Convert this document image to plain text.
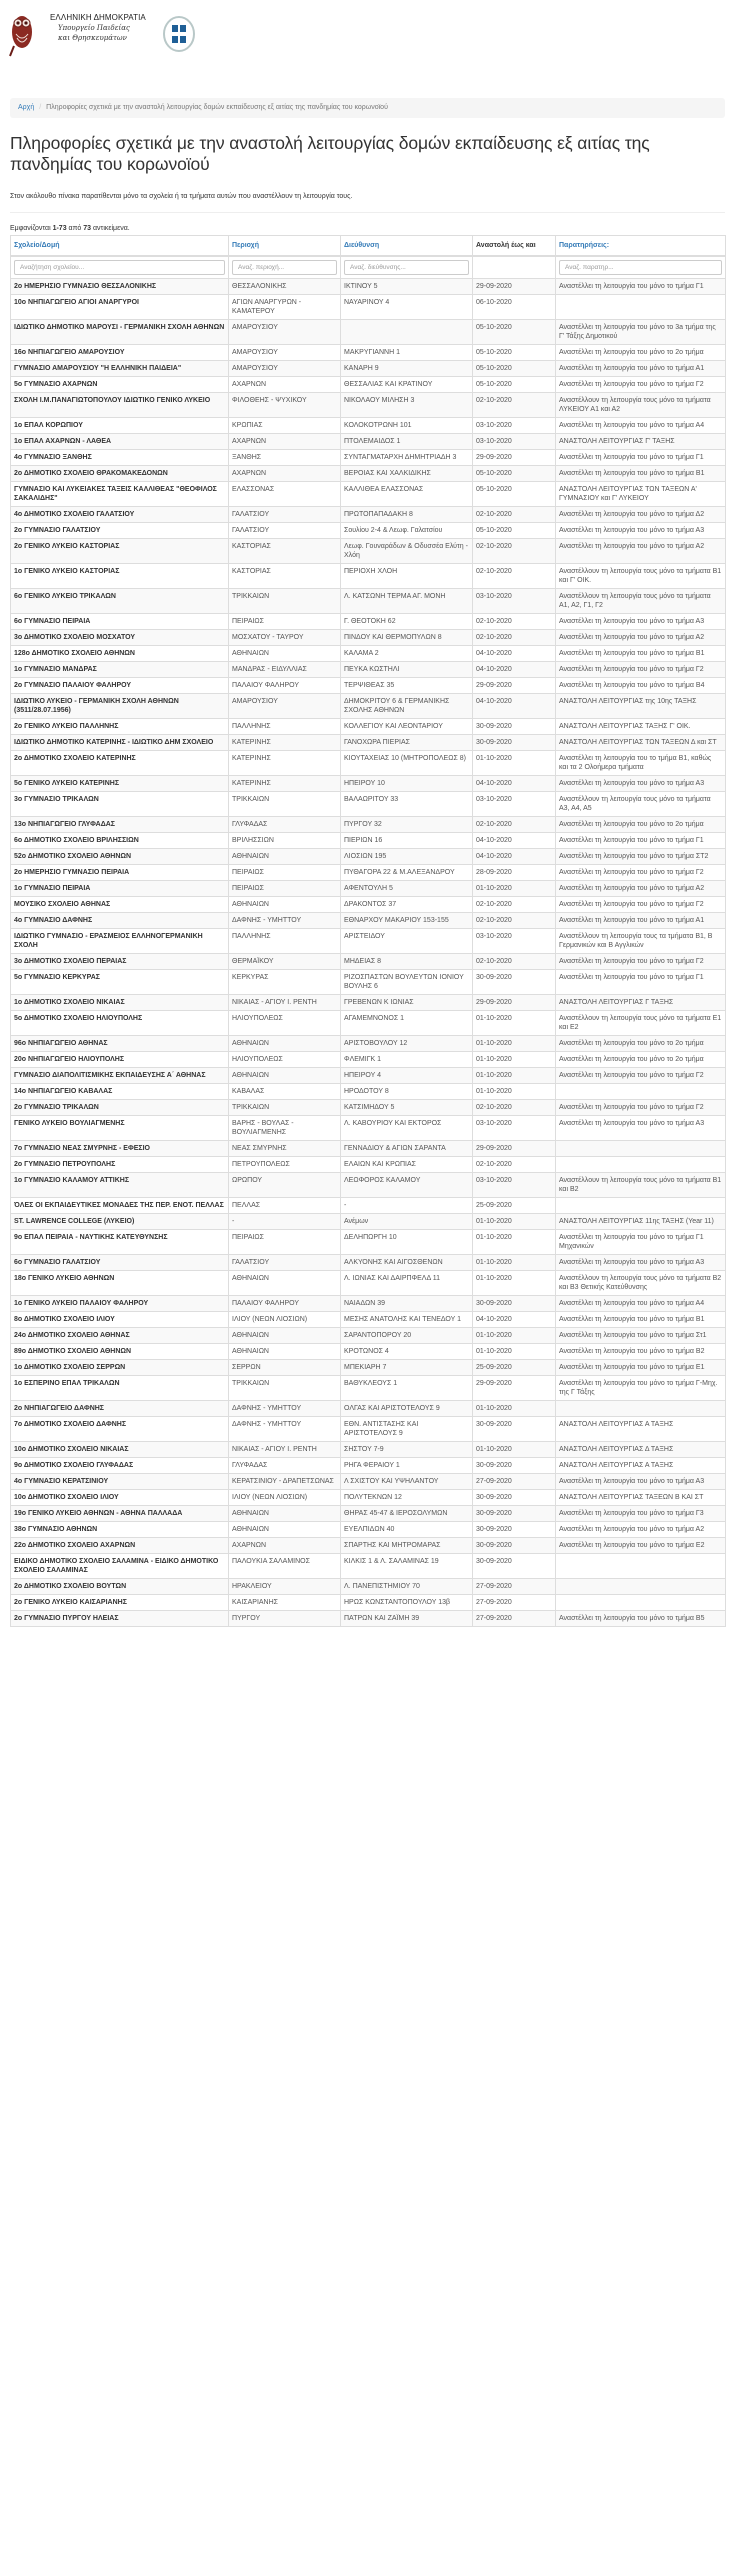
ΕΛΛΗΝΙΚΗ ΔΗΜΟΚΡΑΤΙΑ
Υπουργείο Παιδείας
και Θρησκευμάτων
Αρχή / Πληροφορίες σχετικά με την αναστολή λειτουργίας δομών εκπαίδευσης εξ αιτίας της πανδημίας του κορωνοϊού
Πληροφορίες σχετικά με την αναστολή λειτουργίας δομών εκπαίδευσης εξ αιτίας της πανδημίας του κορωνοϊού

Στον ακόλουθο πίνακα παρατίθενται μόνο τα σχολεία ή τα τμήματα αυτών που αναστέλλουν τη λειτουργία τους.

Εμφανίζονται 1-73 από 73 αντικείμενα.
Σχολείο/Δομή	Περιοχή	Διεύθυνση	Αναστολή έως και	Παρατηρήσεις:
Αναζήτηση σχολείου...	Αναζ. περιοχή...	Αναζ. διεύθυνσης...		Αναζ. παρατηρ...
2ο ΗΜΕΡΗΣΙΟ ΓΥΜΝΑΣΙΟ ΘΕΣΣΑΛΟΝΙΚΗΣ	ΘΕΣΣΑΛΟΝΙΚΗΣ	ΙΚΤΙΝΟΥ 5	29-09-2020	Αναστέλλει τη λειτουργία του μόνο το τμήμα Γ1
10ο ΝΗΠΙΑΓΩΓΕΙΟ ΑΓΙΟΙ ΑΝΑΡΓΥΡΟΙ	ΑΓΙΩΝ ΑΝΑΡΓΥΡΩΝ - ΚΑΜΑΤΕΡΟΥ	ΝΑΥΑΡΙΝΟΥ 4	06-10-2020	
ΙΔΙΩΤΙΚΟ ΔΗΜΟΤΙΚΟ ΜΑΡΟΥΣΙ - ΓΕΡΜΑΝΙΚΗ ΣΧΟΛΗ ΑΘΗΝΩΝ	ΑΜΑΡΟΥΣΙΟΥ		05-10-2020	Αναστέλλει τη λειτουργία του μόνο το 3a τμήμα της Γ' Τάξης Δημοτικού
16ο ΝΗΠΙΑΓΩΓΕΙΟ ΑΜΑΡΟΥΣΙΟΥ	ΑΜΑΡΟΥΣΙΟΥ	ΜΑΚΡΥΓΙΑΝΝΗ 1	05-10-2020	Αναστέλλει τη λειτουργία του μόνο το 2ο τμήμα
ΓΥΜΝΑΣΙΟ ΑΜΑΡΟΥΣΙΟΥ "Η ΕΛΛΗΝΙΚΗ ΠΑΙΔΕΙΑ"	ΑΜΑΡΟΥΣΙΟΥ	ΚΑΝΑΡΗ 9	05-10-2020	Αναστέλλει τη λειτουργία του μόνο το τμήμα Α1
5ο ΓΥΜΝΑΣΙΟ ΑΧΑΡΝΩΝ	ΑΧΑΡΝΩΝ	ΘΕΣΣΑΛΙΑΣ ΚΑΙ ΚΡΑΤΙΝΟΥ	05-10-2020	Αναστέλλει τη λειτουργία του μόνο το τμήμα Γ2
ΣΧΟΛΗ Ι.Μ.ΠΑΝΑΓΙΩΤΟΠΟΥΛΟΥ ΙΔΙΩΤΙΚΟ ΓΕΝΙΚΟ ΛΥΚΕΙΟ	ΦΙΛΟΘΕΗΣ - ΨΥΧΙΚΟΥ	ΝΙΚΟΛΑΟΥ ΜΙΛΗΣΗ 3	02-10-2020	Αναστέλλουν τη λειτουργία τους μόνο τα τμήματα ΛΥΚΕΙΟΥ Α1 και Α2
1ο ΕΠΑΛ ΚΟΡΩΠΙΟΥ	ΚΡΩΠΙΑΣ	ΚΟΛΟΚΟΤΡΩΝΗ 101	03-10-2020	Αναστέλλει τη λειτουργία του μόνο το τμήμα Α4
1ο ΕΠΑΛ ΑΧΑΡΝΩΝ - ΛΑΘΕΑ	ΑΧΑΡΝΩΝ	ΠΤΟΛΕΜΑΙΔΟΣ 1	03-10-2020	ΑΝΑΣΤΟΛΗ ΛΕΙΤΟΥΡΓΙΑΣ Γ' ΤΑΞΗΣ
4ο ΓΥΜΝΑΣΙΟ ΞΑΝΘΗΣ	ΞΑΝΘΗΣ	ΣΥΝΤΑΓΜΑΤΑΡΧΗ ΔΗΜΗΤΡΙΑΔΗ 3	29-09-2020	Αναστέλλει τη λειτουργία του μόνο το τμήμα Γ1
2ο ΔΗΜΟΤΙΚΟ ΣΧΟΛΕΙΟ ΘΡΑΚΟΜΑΚΕΔΟΝΩΝ	ΑΧΑΡΝΩΝ	ΒΕΡΟΙΑΣ ΚΑΙ ΧΑΛΚΙΔΙΚΗΣ	05-10-2020	Αναστέλλει τη λειτουργία του μόνο το τμήμα Β1
ΓΥΜΝΑΣΙΟ ΚΑΙ ΛΥΚΕΙΑΚΕΣ ΤΑΞΕΙΣ ΚΑΛΛΙΘΕΑΣ "ΘΕΟΦΙΛΟΣ ΣΑΚΑΛΙΔΗΣ"	ΕΛΑΣΣΟΝΑΣ	ΚΑΛΛΙΘΕΑ ΕΛΑΣΣΟΝΑΣ	05-10-2020	ΑΝΑΣΤΟΛΗ ΛΕΙΤΟΥΡΓΙΑΣ ΤΩΝ ΤΑΞΕΩΝ Α' ΓΥΜΝΑΣΙΟΥ και Γ' ΛΥΚΕΙΟΥ
4ο ΔΗΜΟΤΙΚΟ ΣΧΟΛΕΙΟ ΓΑΛΑΤΣΙΟΥ	ΓΑΛΑΤΣΙΟΥ	ΠΡΩΤΟΠΑΠΑΔΑΚΗ 8	02-10-2020	Αναστέλλει τη λειτουργία του μόνο το τμήμα Δ2
2ο ΓΥΜΝΑΣΙΟ ΓΑΛΑΤΣΙΟΥ	ΓΑΛΑΤΣΙΟΥ	Σουλίου 2-4 & Λεωφ. Γαλατσίου	05-10-2020	Αναστέλλει τη λειτουργία του μόνο το τμήμα Α3
2ο ΓΕΝΙΚΟ ΛΥΚΕΙΟ ΚΑΣΤΟΡΙΑΣ	ΚΑΣΤΟΡΙΑΣ	Λεωφ. Γουναράδων & Οδυσσέα Ελύτη - Χλόη	02-10-2020	Αναστέλλει τη λειτουργία του μόνο το τμήμα Α2
1ο ΓΕΝΙΚΟ ΛΥΚΕΙΟ ΚΑΣΤΟΡΙΑΣ	ΚΑΣΤΟΡΙΑΣ	ΠΕΡΙΟΧΗ ΧΛΟΗ	02-10-2020	Αναστέλλουν τη λειτουργία τους μόνο τα τμήματα Β1 και Γ' ΟΙΚ.
6ο ΓΕΝΙΚΟ ΛΥΚΕΙΟ ΤΡΙΚΑΛΩΝ	ΤΡΙΚΚΑΙΩΝ	Λ. ΚΑΤΣΩΝΗ ΤΕΡΜΑ ΑΓ. ΜΟΝΗ	03-10-2020	Αναστέλλουν τη λειτουργία τους μόνο τα τμήματα Α1, Α2, Γ1, Γ2
6ο ΓΥΜΝΑΣΙΟ ΠΕΙΡΑΙΑ	ΠΕΙΡΑΙΩΣ	Γ. ΘΕΟΤΟΚΗ 62	02-10-2020	Αναστέλλει τη λειτουργία του μόνο το τμήμα Α3
3ο ΔΗΜΟΤΙΚΟ ΣΧΟΛΕΙΟ ΜΟΣΧΑΤΟΥ	ΜΟΣΧΑΤΟΥ - ΤΑΥΡΟΥ	ΠΙΝΔΟΥ ΚΑΙ ΘΕΡΜΟΠΥΛΩΝ 8	02-10-2020	Αναστέλλει τη λειτουργία του μόνο το τμήμα Α2
128ο ΔΗΜΟΤΙΚΟ ΣΧΟΛΕΙΟ ΑΘΗΝΩΝ	ΑΘΗΝΑΙΩΝ	ΚΑΛΑΜΑ 2	04-10-2020	Αναστέλλει τη λειτουργία του μόνο το τμήμα Β1
1ο ΓΥΜΝΑΣΙΟ ΜΑΝΔΡΑΣ	ΜΑΝΔΡΑΣ - ΕΙΔΥΛΛΙΑΣ	ΠΕΥΚΑ ΚΩΣΤΗΛΙ	04-10-2020	Αναστέλλει τη λειτουργία του μόνο το τμήμα Γ2
2ο ΓΥΜΝΑΣΙΟ ΠΑΛΑΙΟΥ ΦΑΛΗΡΟΥ	ΠΑΛΑΙΟΥ ΦΑΛΗΡΟΥ	ΤΕΡΨΙΘΕΑΣ 35	29-09-2020	Αναστέλλει τη λειτουργία του μόνο το τμήμα Β4
ΙΔΙΩΤΙΚΟ ΛΥΚΕΙΟ - ΓΕΡΜΑΝΙΚΗ ΣΧΟΛΗ ΑΘΗΝΩΝ (3511/28.07.1956)	ΑΜΑΡΟΥΣΙΟΥ	ΔΗΜΟΚΡΙΤΟΥ 6 & ΓΕΡΜΑΝΙΚΗΣ ΣΧΟΛΗΣ ΑΘΗΝΩΝ	04-10-2020	ΑΝΑΣΤΟΛΗ ΛΕΙΤΟΥΡΓΙΑΣ της 10ης ΤΑΞΗΣ
2ο ΓΕΝΙΚΟ ΛΥΚΕΙΟ ΠΑΛΛΗΝΗΣ	ΠΑΛΛΗΝΗΣ	ΚΟΛΛΕΓΙΟΥ ΚΑΙ ΛΕΟΝΤΑΡΙΟΥ	30-09-2020	ΑΝΑΣΤΟΛΗ ΛΕΙΤΟΥΡΓΙΑΣ ΤΑΞΗΣ Γ' ΟΙΚ.
ΙΔΙΩΤΙΚΟ ΔΗΜΟΤΙΚΟ ΚΑΤΕΡΙΝΗΣ - ΙΔΙΩΤΙΚΟ ΔΗΜ ΣΧΟΛΕΙΟ	ΚΑΤΕΡΙΝΗΣ	ΓΑΝΟΧΩΡΑ ΠΙΕΡΙΑΣ	30-09-2020	ΑΝΑΣΤΟΛΗ ΛΕΙΤΟΥΡΓΙΑΣ ΤΩΝ ΤΑΞΕΩΝ Δ και ΣΤ
2ο ΔΗΜΟΤΙΚΟ ΣΧΟΛΕΙΟ ΚΑΤΕΡΙΝΗΣ	ΚΑΤΕΡΙΝΗΣ	ΚΙΟΥΤΑΧΕΙΑΣ 10 (ΜΗΤΡΟΠΟΛΕΩΣ 8)	01-10-2020	Αναστέλλει τη λειτουργία του το τμήμα Β1, καθώς και τα 2 Ολοήμερα τμήματα
5ο ΓΕΝΙΚΟ ΛΥΚΕΙΟ ΚΑΤΕΡΙΝΗΣ	ΚΑΤΕΡΙΝΗΣ	ΗΠΕΙΡΟΥ 10	04-10-2020	Αναστέλλει τη λειτουργία του μόνο το τμήμα Α3
3ο ΓΥΜΝΑΣΙΟ ΤΡΙΚΑΛΩΝ	ΤΡΙΚΚΑΙΩΝ	ΒΑΛΑΩΡΙΤΟΥ 33	03-10-2020	Αναστέλλουν τη λειτουργία τους μόνο τα τμήματα Α3, Α4, Α5
13ο ΝΗΠΙΑΓΩΓΕΙΟ ΓΛΥΦΑΔΑΣ	ΓΛΥΦΑΔΑΣ	ΠΥΡΓΟΥ 32	02-10-2020	Αναστέλλει τη λειτουργία του μόνο το 2ο τμήμα
6ο ΔΗΜΟΤΙΚΟ ΣΧΟΛΕΙΟ ΒΡΙΛΗΣΣΙΩΝ	ΒΡΙΛΗΣΣΙΩΝ	ΠΙΕΡΙΩΝ 16	04-10-2020	Αναστέλλει τη λειτουργία του μόνο το τμήμα Γ1
52ο ΔΗΜΟΤΙΚΟ ΣΧΟΛΕΙΟ ΑΘΗΝΩΝ	ΑΘΗΝΑΙΩΝ	ΛΙΟΣΙΩΝ 195	04-10-2020	Αναστέλλει τη λειτουργία του μόνο το τμήμα ΣΤ2
2ο ΗΜΕΡΗΣΙΟ ΓΥΜΝΑΣΙΟ ΠΕΙΡΑΙΑ	ΠΕΙΡΑΙΩΣ	ΠΥΘΑΓΟΡΑ 22 & Μ.ΑΛΕΞΑΝΔΡΟΥ	28-09-2020	Αναστέλλει τη λειτουργία του μόνο το τμήμα Γ2
1ο ΓΥΜΝΑΣΙΟ ΠΕΙΡΑΙΑ	ΠΕΙΡΑΙΩΣ	ΑΦΕΝΤΟΥΛΗ 5	01-10-2020	Αναστέλλει τη λειτουργία του μόνο το τμήμα Α2
ΜΟΥΣΙΚΟ ΣΧΟΛΕΙΟ ΑΘΗΝΑΣ	ΑΘΗΝΑΙΩΝ	ΔΡΑΚΟΝΤΟΣ 37	02-10-2020	Αναστέλλει τη λειτουργία του μόνο το τμήμα Γ2
4ο ΓΥΜΝΑΣΙΟ ΔΑΦΝΗΣ	ΔΑΦΝΗΣ - ΥΜΗΤΤΟΥ	ΕΘΝΑΡΧΟΥ ΜΑΚΑΡΙΟΥ 153-155	02-10-2020	Αναστέλλει τη λειτουργία του μόνο το τμήμα Α1
ΙΔΙΩΤΙΚΟ ΓΥΜΝΑΣΙΟ - ΕΡΑΣΜΕΙΟΣ ΕΛΛΗΝΟΓΕΡΜΑΝΙΚΗ ΣΧΟΛΗ	ΠΑΛΛΗΝΗΣ	ΑΡΙΣΤΕΙΔΟΥ	03-10-2020	Αναστέλλουν τη λειτουργία τους τα τμήματα Β1, Β Γερμανικών και Β Αγγλικών
3ο ΔΗΜΟΤΙΚΟ ΣΧΟΛΕΙΟ ΠΕΡΑΙΑΣ	ΘΕΡΜΑΪΚΟΥ	ΜΗΔΕΙΑΣ 8	02-10-2020	Αναστέλλει τη λειτουργία του μόνο το τμήμα Γ2
5ο ΓΥΜΝΑΣΙΟ ΚΕΡΚΥΡΑΣ	ΚΕΡΚΥΡΑΣ	ΡΙΖΟΣΠΑΣΤΩΝ ΒΟΥΛΕΥΤΩΝ ΙΟΝΙΟΥ ΒΟΥΛΗΣ 6	30-09-2020	Αναστέλλει τη λειτουργία του μόνο το τμήμα Γ1
1ο ΔΗΜΟΤΙΚΟ ΣΧΟΛΕΙΟ ΝΙΚΑΙΑΣ	ΝΙΚΑΙΑΣ - ΑΓΙΟΥ Ι. ΡΕΝΤΗ	ΓΡΕΒΕΝΩΝ Κ ΙΩΝΙΑΣ	29-09-2020	ΑΝΑΣΤΟΛΗ ΛΕΙΤΟΥΡΓΙΑΣ Γ ΤΑΞΗΣ
5ο ΔΗΜΟΤΙΚΟ ΣΧΟΛΕΙΟ ΗΛΙΟΥΠΟΛΗΣ	ΗΛΙΟΥΠΟΛΕΩΣ	ΑΓΑΜΕΜΝΟΝΟΣ 1	01-10-2020	Αναστέλλουν τη λειτουργία τους μόνο τα τμήματα Ε1 και Ε2
96ο ΝΗΠΙΑΓΩΓΕΙΟ ΑΘΗΝΑΣ	ΑΘΗΝΑΙΩΝ	ΑΡΙΣΤΟΒΟΥΛΟΥ 12	01-10-2020	Αναστέλλει τη λειτουργία του μόνο το 2ο τμήμα
20ο ΝΗΠΙΑΓΩΓΕΙΟ ΗΛΙΟΥΠΟΛΗΣ	ΗΛΙΟΥΠΟΛΕΩΣ	ΦΛΕΜΙΓΚ 1	01-10-2020	Αναστέλλει τη λειτουργία του μόνο το 2ο τμήμα
ΓΥΜΝΑΣΙΟ ΔΙΑΠΟΛΙΤΙΣΜΙΚΗΣ ΕΚΠΑΙΔΕΥΣΗΣ Α΄ ΑΘΗΝΑΣ	ΑΘΗΝΑΙΩΝ	ΗΠΕΙΡΟΥ 4	01-10-2020	Αναστέλλει τη λειτουργία του μόνο το τμήμα Γ2
14ο ΝΗΠΙΑΓΩΓΕΙΟ ΚΑΒΑΛΑΣ	ΚΑΒΑΛΑΣ	ΗΡΟΔΟΤΟΥ 8	01-10-2020	
2ο ΓΥΜΝΑΣΙΟ ΤΡΙΚΑΛΩΝ	ΤΡΙΚΚΑΙΩΝ	ΚΑΤΣΙΜΗΔΟΥ 5	02-10-2020	Αναστέλλει τη λειτουργία του μόνο το τμήμα Γ2
ΓΕΝΙΚΟ ΛΥΚΕΙΟ ΒΟΥΛΙΑΓΜΕΝΗΣ	ΒΑΡΗΣ - ΒΟΥΛΑΣ - ΒΟΥΛΙΑΓΜΕΝΗΣ	Λ. ΚΑΒΟΥΡΙΟΥ ΚΑΙ ΕΚΤΟΡΟΣ	03-10-2020	Αναστέλλει τη λειτουργία του μόνο το τμήμα Α3
7ο ΓΥΜΝΑΣΙΟ ΝΕΑΣ ΣΜΥΡΝΗΣ - ΕΦΕΣΙΟ	ΝΕΑΣ ΣΜΥΡΝΗΣ	ΓΕΝΝΑΔΙΟΥ & ΑΓΙΩΝ ΣΑΡΑΝΤΑ	29-09-2020	
2ο ΓΥΜΝΑΣΙΟ ΠΕΤΡΟΥΠΟΛΗΣ	ΠΕΤΡΟΥΠΟΛΕΩΣ	ΕΛΑΙΩΝ ΚΑΙ ΚΡΩΠΙΑΣ	02-10-2020	
1ο ΓΥΜΝΑΣΙΟ ΚΑΛΑΜΟΥ ΑΤΤΙΚΗΣ	ΩΡΩΠΟΥ	ΛΕΩΦΟΡΟΣ ΚΑΛΑΜΟΥ	03-10-2020	Αναστέλλουν τη λειτουργία τους μόνο τα τμήματα Β1 και Β2
ΌΛΕΣ ΟΙ ΕΚΠΑΙΔΕΥΤΙΚΕΣ ΜΟΝΑΔΕΣ ΤΗΣ ΠΕΡ. ΕΝΟΤ. ΠΕΛΛΑΣ	ΠΕΛΛΑΣ	-	25-09-2020	
ST. LAWRENCE COLLEGE (ΛΥΚΕΙΟ)	-	Ανέμων	01-10-2020	ΑΝΑΣΤΟΛΗ ΛΕΙΤΟΥΡΓΙΑΣ 11ης ΤΑΞΗΣ (Year 11)
9ο ΕΠΑΛ ΠΕΙΡΑΙΑ - ΝΑΥΤΙΚΗΣ ΚΑΤΕΥΘΥΝΣΗΣ	ΠΕΙΡΑΙΩΣ	ΔΕΛΗΠΩΡΓΗ 10	01-10-2020	Αναστέλλει τη λειτουργία του μόνο το τμήμα Γ1 Μηχανικών
6ο ΓΥΜΝΑΣΙΟ ΓΑΛΑΤΣΙΟΥ	ΓΑΛΑΤΣΙΟΥ	ΑΛΚΥΟΝΗΣ ΚΑΙ ΑΙΓΟΣΘΕΝΩΝ	01-10-2020	Αναστέλλει τη λειτουργία του μόνο το τμήμα Α3
18ο ΓΕΝΙΚΟ ΛΥΚΕΙΟ ΑΘΗΝΩΝ	ΑΘΗΝΑΙΩΝ	Λ. ΙΩΝΙΑΣ ΚΑΙ ΔΑΙΡΠΦΕΛΔ 11	01-10-2020	Αναστέλλουν τη λειτουργία τους μόνο τα τμήματα Β2 και Β3 Θετικής Κατεύθυνσης
1ο ΓΕΝΙΚΟ ΛΥΚΕΙΟ ΠΑΛΑΙΟΥ ΦΑΛΗΡΟΥ	ΠΑΛΑΙΟΥ ΦΑΛΗΡΟΥ	ΝΑΙΑΔΩΝ 39	30-09-2020	Αναστέλλει τη λειτουργία του μόνο το τμήμα Α4
8ο ΔΗΜΟΤΙΚΟ ΣΧΟΛΕΙΟ ΙΛΙΟΥ	ΙΛΙΟΥ (ΝΕΩΝ ΛΙΟΣΙΩΝ)	ΜΕΣΗΣ ΑΝΑΤΟΛΗΣ ΚΑΙ ΤΕΝΕΔΟΥ 1	04-10-2020	Αναστέλλει τη λειτουργία του μόνο το τμήμα Β1
24ο ΔΗΜΟΤΙΚΟ ΣΧΟΛΕΙΟ ΑΘΗΝΑΣ	ΑΘΗΝΑΙΩΝ	ΣΑΡΑΝΤΟΠΟΡΟΥ 20	01-10-2020	Αναστέλλει τη λειτουργία του μόνο το τμήμα Στ1
89ο ΔΗΜΟΤΙΚΟ ΣΧΟΛΕΙΟ ΑΘΗΝΩΝ	ΑΘΗΝΑΙΩΝ	ΚΡΟΤΩΝΟΣ 4	01-10-2020	Αναστέλλει τη λειτουργία του μόνο το τμήμα Β2
1ο ΔΗΜΟΤΙΚΟ ΣΧΟΛΕΙΟ ΣΕΡΡΩΝ	ΣΕΡΡΩΝ	ΜΠΕΚΙΑΡΗ 7	25-09-2020	Αναστέλλει τη λειτουργία του μόνο το τμήμα Ε1
1ο ΕΣΠΕΡΙΝΟ ΕΠΑΛ ΤΡΙΚΑΛΩΝ	ΤΡΙΚΚΑΙΩΝ	ΒΑΘΥΚΛΕΟΥΣ 1	29-09-2020	Αναστέλλει τη λειτουργία του μόνο το τμήμα Γ-Μηχ. της Γ Τάξης
2ο ΝΗΠΙΑΓΩΓΕΙΟ ΔΑΦΝΗΣ	ΔΑΦΝΗΣ - ΥΜΗΤΤΟΥ	ΟΛΓΑΣ ΚΑΙ ΑΡΙΣΤΟΤΕΛΟΥΣ 9	01-10-2020	
7ο ΔΗΜΟΤΙΚΟ ΣΧΟΛΕΙΟ ΔΑΦΝΗΣ	ΔΑΦΝΗΣ - ΥΜΗΤΤΟΥ	ΕΘΝ. ΑΝΤΙΣΤΑΣΗΣ ΚΑΙ ΑΡΙΣΤΟΤΕΛΟΥΣ 9	30-09-2020	ΑΝΑΣΤΟΛΗ ΛΕΙΤΟΥΡΓΙΑΣ Α ΤΑΞΗΣ
10ο ΔΗΜΟΤΙΚΟ ΣΧΟΛΕΙΟ ΝΙΚΑΙΑΣ	ΝΙΚΑΙΑΣ - ΑΓΙΟΥ Ι. ΡΕΝΤΗ	ΣΗΣΤΟΥ 7-9	01-10-2020	ΑΝΑΣΤΟΛΗ ΛΕΙΤΟΥΡΓΙΑΣ Δ ΤΑΞΗΣ
9ο ΔΗΜΟΤΙΚΟ ΣΧΟΛΕΙΟ ΓΛΥΦΑΔΑΣ	ΓΛΥΦΑΔΑΣ	ΡΗΓΑ ΦΕΡΑΙΟΥ 1	30-09-2020	ΑΝΑΣΤΟΛΗ ΛΕΙΤΟΥΡΓΙΑΣ Α ΤΑΞΗΣ
4ο ΓΥΜΝΑΣΙΟ ΚΕΡΑΤΣΙΝΙΟΥ	ΚΕΡΑΤΣΙΝΙΟΥ - ΔΡΑΠΕΤΣΩΝΑΣ	Λ ΣΧΙΣΤΟΥ ΚΑΙ ΥΨΗΛΑΝΤΟΥ	27-09-2020	Αναστέλλει τη λειτουργία του μόνο το τμήμα Α3
10ο ΔΗΜΟΤΙΚΟ ΣΧΟΛΕΙΟ ΙΛΙΟΥ	ΙΛΙΟΥ (ΝΕΩΝ ΛΙΟΣΙΩΝ)	ΠΟΛΥΤΕΚΝΩΝ 12	30-09-2020	ΑΝΑΣΤΟΛΗ ΛΕΙΤΟΥΡΓΙΑΣ ΤΑΞΕΩΝ Β ΚΑΙ ΣΤ
19ο ΓΕΝΙΚΟ ΛΥΚΕΙΟ ΑΘΗΝΩΝ - ΑΘΗΝΑ ΠΑΛΛΑΔΑ	ΑΘΗΝΑΙΩΝ	ΘΗΡΑΣ 45-47 & ΙΕΡΟΣΟΛΥΜΩΝ	30-09-2020	Αναστέλλει τη λειτουργία του μόνο το τμήμα Γ3
38ο ΓΥΜΝΑΣΙΟ ΑΘΗΝΩΝ	ΑΘΗΝΑΙΩΝ	ΕΥΕΛΠΙΔΩΝ 40	30-09-2020	Αναστέλλει τη λειτουργία του μόνο το τμήμα Α2
22ο ΔΗΜΟΤΙΚΟ ΣΧΟΛΕΙΟ ΑΧΑΡΝΩΝ	ΑΧΑΡΝΩΝ	ΣΠΑΡΤΗΣ ΚΑΙ ΜΗΤΡΟΜΑΡΑΣ	30-09-2020	Αναστέλλει τη λειτουργία του μόνο το τμήμα Ε2
ΕΙΔΙΚΟ ΔΗΜΟΤΙΚΟ ΣΧΟΛΕΙΟ ΣΑΛΑΜΙΝΑ - ΕΙΔΙΚΟ ΔΗΜΟΤΙΚΟ ΣΧΟΛΕΙΟ ΣΑΛΑΜΙΝΑΣ	ΠΑΛΟΥΚΙΑ ΣΑΛΑΜΙΝΟΣ	ΚΙΛΚΙΣ 1 & Λ. ΣΑΛΑΜΙΝΑΣ 19	30-09-2020	
2ο ΔΗΜΟΤΙΚΟ ΣΧΟΛΕΙΟ ΒΟΥΤΩΝ	ΗΡΑΚΛΕΙΟΥ	Λ. ΠΑΝΕΠΙΣΤΗΜΙΟΥ 70	27-09-2020	
2ο ΓΕΝΙΚΟ ΛΥΚΕΙΟ ΚΑΙΣΑΡΙΑΝΗΣ	ΚΑΙΣΑΡΙΑΝΗΣ	ΗΡΩΣ ΚΩΝΣΤΑΝΤΟΠΟΥΛΟΥ 13β	27-09-2020	
2ο ΓΥΜΝΑΣΙΟ ΠΥΡΓΟΥ ΗΛΕΙΑΣ	ΠΥΡΓΟΥ	ΠΑΤΡΩΝ ΚΑΙ ΖΑΪΜΗ 39	27-09-2020	Αναστέλλει τη λειτουργία του μόνο το τμήμα Β5
